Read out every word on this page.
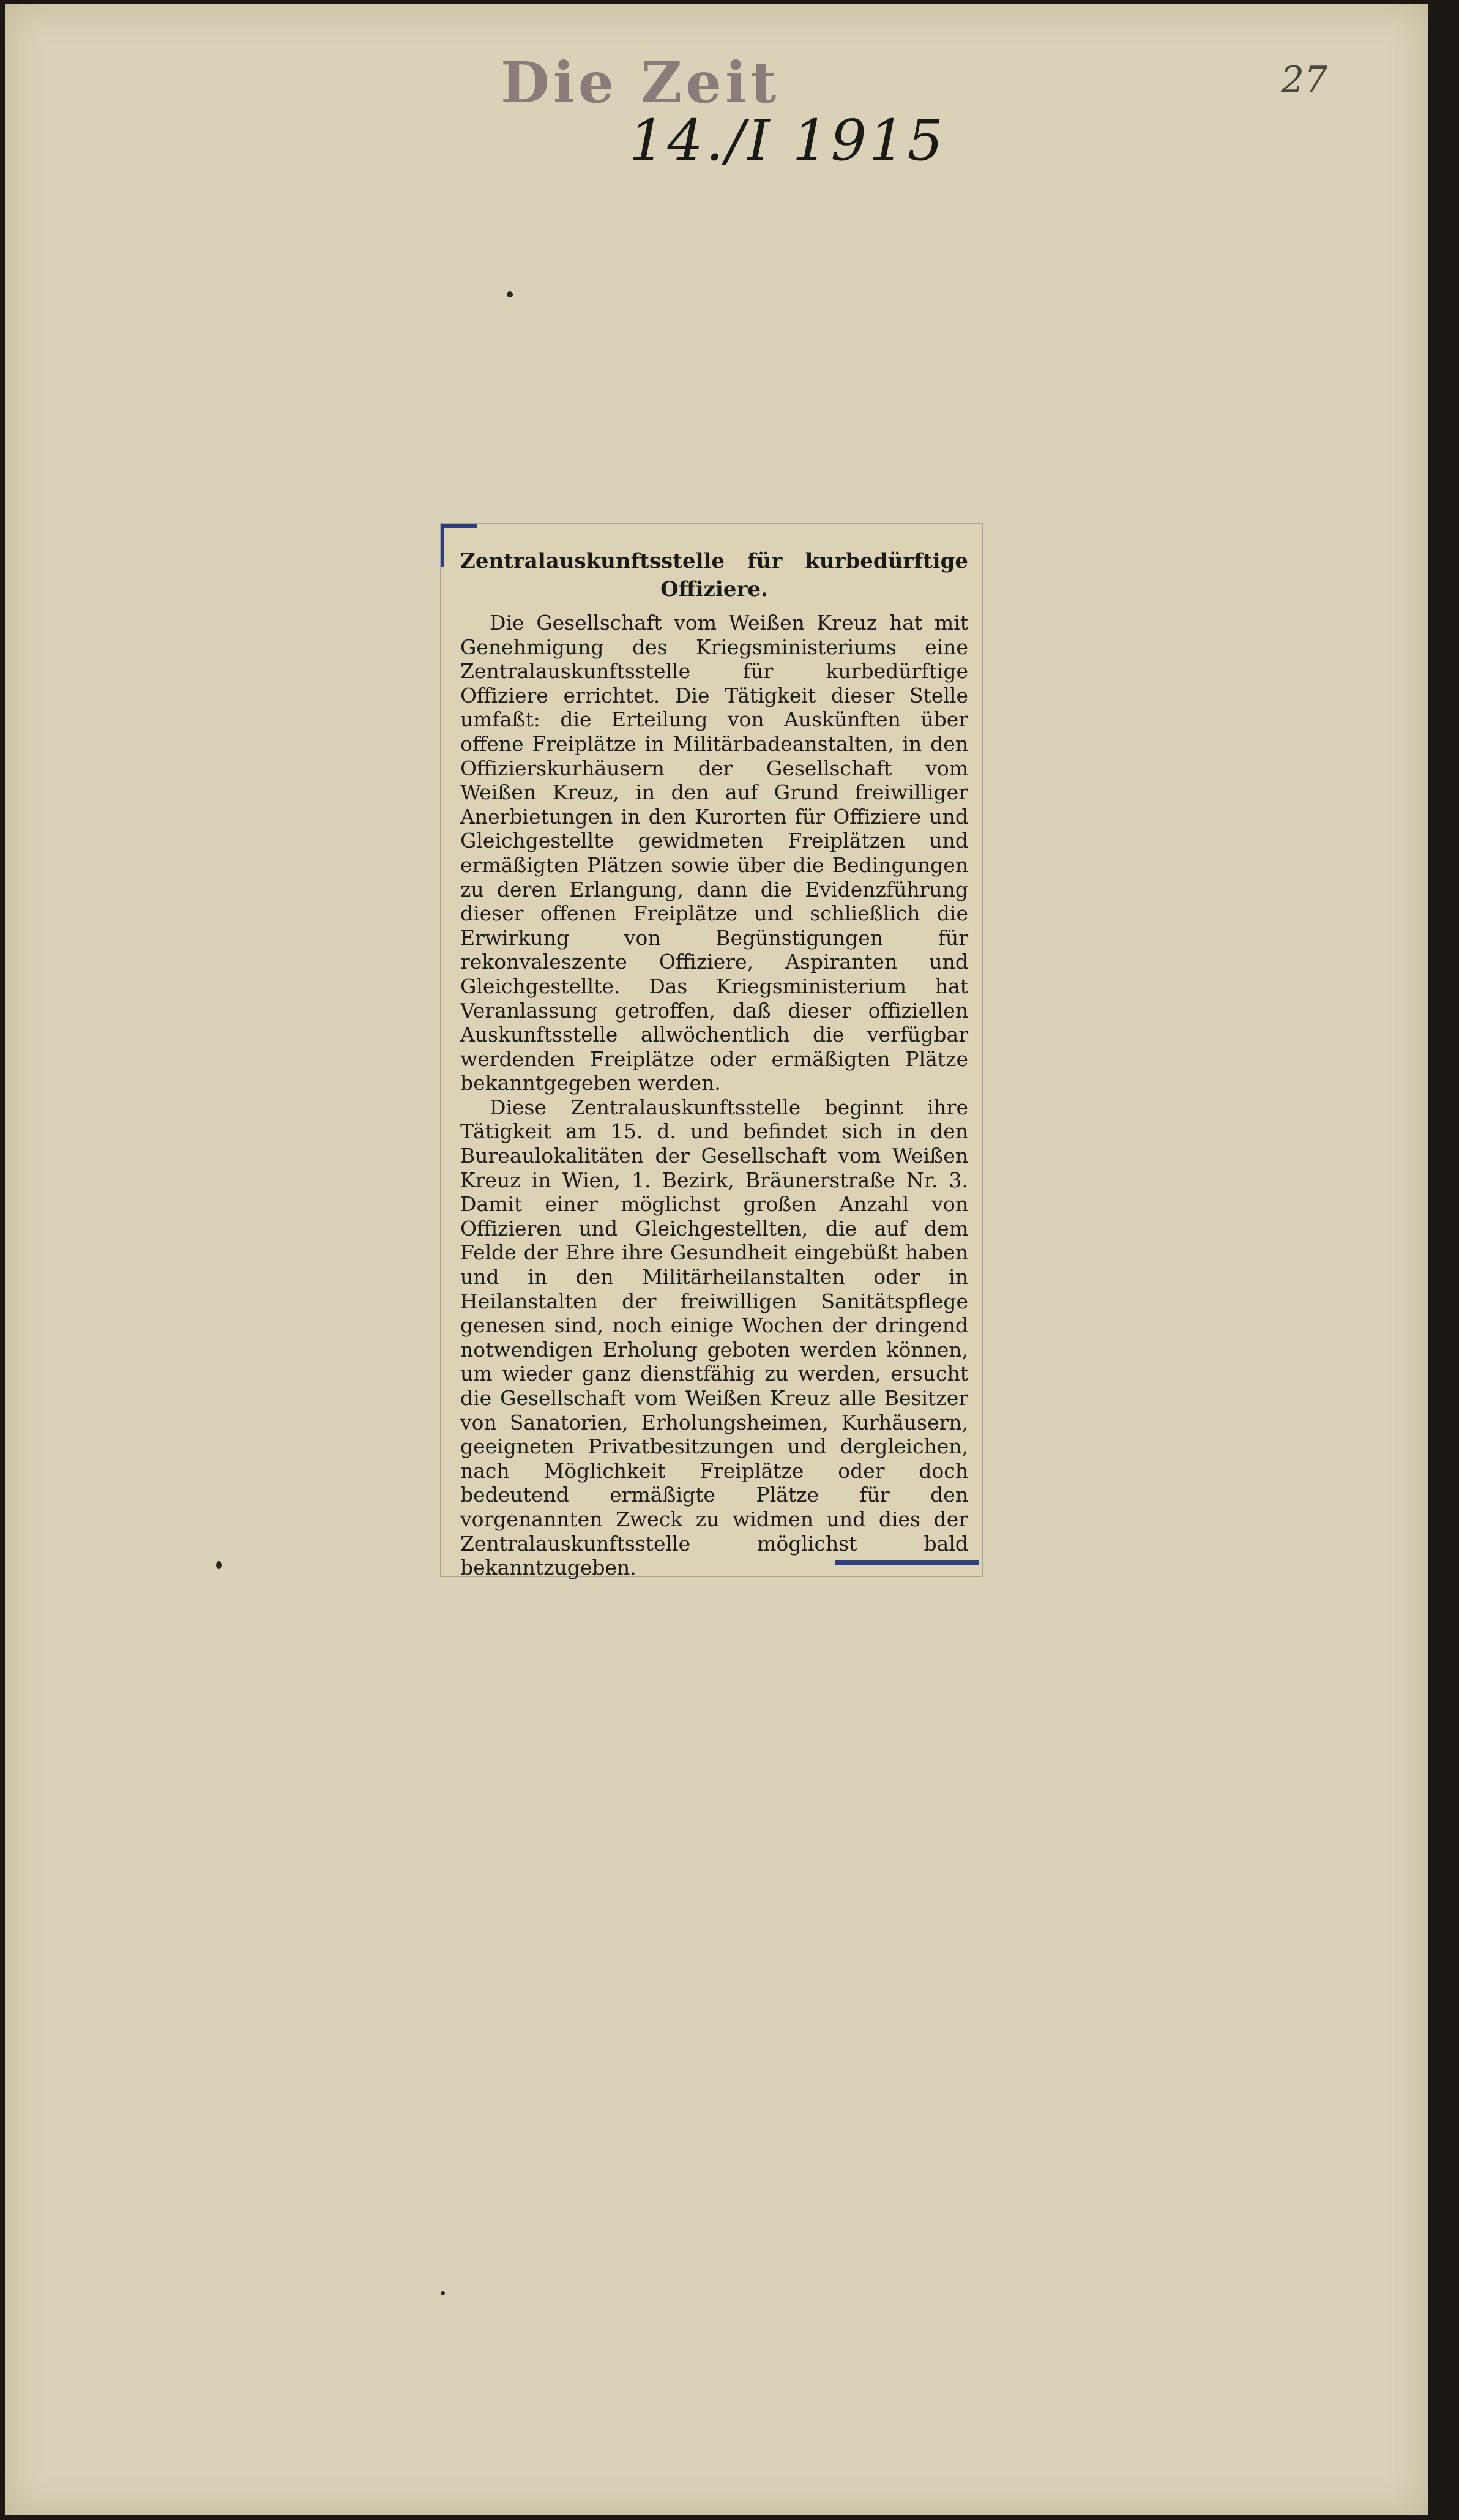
Die Zeit
14./I 1915
27
Zentralauskunftsstelle für kurbedürftige Offiziere.

Die Gesellschaft vom Weißen Kreuz hat mit Genehmigung des Kriegsministeriums eine Zentralauskunftsstelle für kurbedürftige Offiziere errichtet. Die Tätigkeit dieser Stelle umfaßt: die Erteilung von Auskünften über offene Freiplätze in Militärbadeanstalten, in den Offizierskurhäusern der Gesellschaft vom Weißen Kreuz, in den auf Grund freiwilliger Anerbietungen in den Kurorten für Offiziere und Gleichgestellte gewidmeten Freiplätzen und ermäßigten Plätzen sowie über die Bedingungen zu deren Erlangung, dann die Evidenzführung dieser offenen Freiplätze und schließlich die Erwirkung von Begünstigungen für rekonvaleszente Offiziere, Aspiranten und Gleichgestellte. Das Kriegsministerium hat Veranlassung getroffen, daß dieser offiziellen Auskunftsstelle allwöchentlich die verfügbar werdenden Freiplätze oder ermäßigten Plätze bekanntgegeben werden.

Diese Zentralauskunftsstelle beginnt ihre Tätigkeit am 15. d. und befindet sich in den Bureaulokalitäten der Gesellschaft vom Weißen Kreuz in Wien, 1. Bezirk, Bräunerstraße Nr. 3. Damit einer möglichst großen Anzahl von Offizieren und Gleichgestellten, die auf dem Felde der Ehre ihre Gesundheit eingebüßt haben und in den Militärheilanstalten oder in Heilanstalten der freiwilligen Sanitätspflege genesen sind, noch einige Wochen der dringend notwendigen Erholung geboten werden können, um wieder ganz dienstfähig zu werden, ersucht die Gesellschaft vom Weißen Kreuz alle Besitzer von Sanatorien, Erholungsheimen, Kurhäusern, geeigneten Privatbesitzungen und dergleichen, nach Möglichkeit Freiplätze oder doch bedeutend ermäßigte Plätze für den vorgenannten Zweck zu widmen und dies der Zentralauskunftsstelle möglichst bald bekanntzugeben.
